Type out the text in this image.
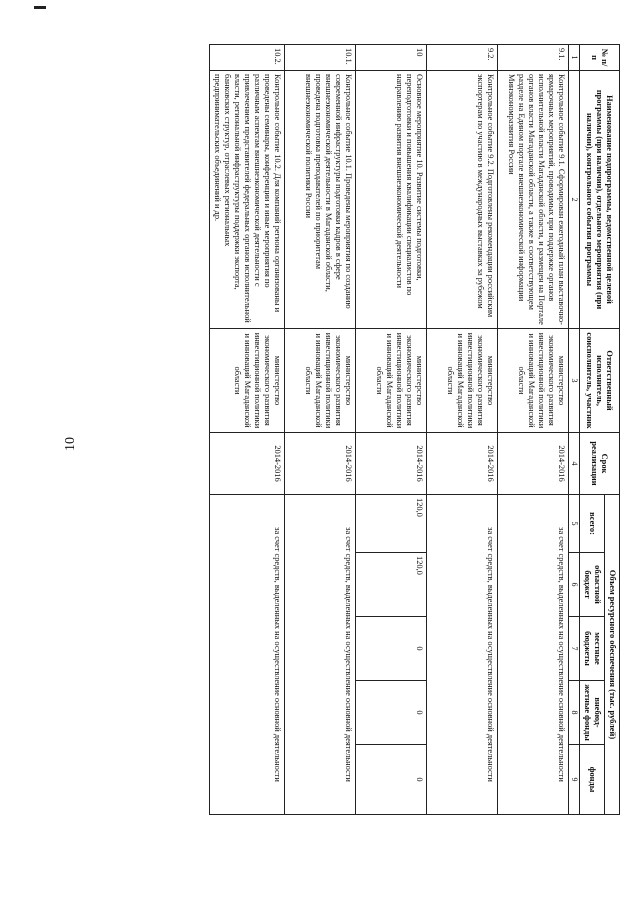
10
№ п/п	Наименование подпрограммы, ведомственной целевой программы (при наличии), отдельного мероприятия (при наличии), контрольного события программы	Ответственный исполнитель, соисполнитель, участник	Срок реализации	Объем ресурсного обеспечения (тыс. рублей)				
				всего:	областной бюджет	местные бюджеты	внебюд-жетные фонды	фонды
1	2	3	4	5	6	7	8	9
9.1.	Контрольное событие 9.1. Сформирован ежегодный план выставочно-ярмарочных мероприятий, проводимых при поддержке органов исполнительной власти Магаданской области, и размещен на Портале органов власти Магаданской области, а также в соответствующем разделе на Едином портале внешнеэкономической информации Минэкономразвития России	министерство экономического развития инвестиционной политики и инноваций Магаданской области	2014-2016	за счет средств, выделенных на осуществление основной деятельности				
9.2.	Контрольное событие 9.2. Подготовлены рекомендации российским экспортерам по участию в международных выставках за рубежом	министерство экономического развития инвестиционной политики и инноваций Магаданской области	2014-2016	за счет средств, выделенных на осуществление основной деятельности				
10	Основное мероприятие 10. Развитие системы подготовки, переподготовки и повышения квалификации специалистов по направлению развития внешнеэкономической деятельности	министерство экономического развития инвестиционной политики и инноваций Магаданской области	2014-2016	120,0	120,0	0	0	0
10.1.	Контрольное событие 10.1. Проведены мероприятия по созданию современной инфраструктуры подготовки кадров в сфере внешнеэкономической деятельности в Магаданской области, проведена подготовка преподавателей по приоритетам внешнеэкономической политики России	министерство экономического развития инвестиционной политики и инноваций Магаданской области	2014-2016	за счет средств, выделенных на осуществление основной деятельности				
10.2.	Контрольное событие 10.2. Для компаний региона организованы и проведены семинары, конференции и иные мероприятия по различным аспектам внешнеэкономической деятельности с привлечением представителей федеральных органов исполнительной власти, региональной инфраструктуры поддержки экспорта, банковских структур, отраслевых региональных предпринимательских объединений и др.	министерство экономического развития инвестиционной политики и инноваций Магаданской области	2014-2016	за счет средств, выделенных на осуществление основной деятельности				
